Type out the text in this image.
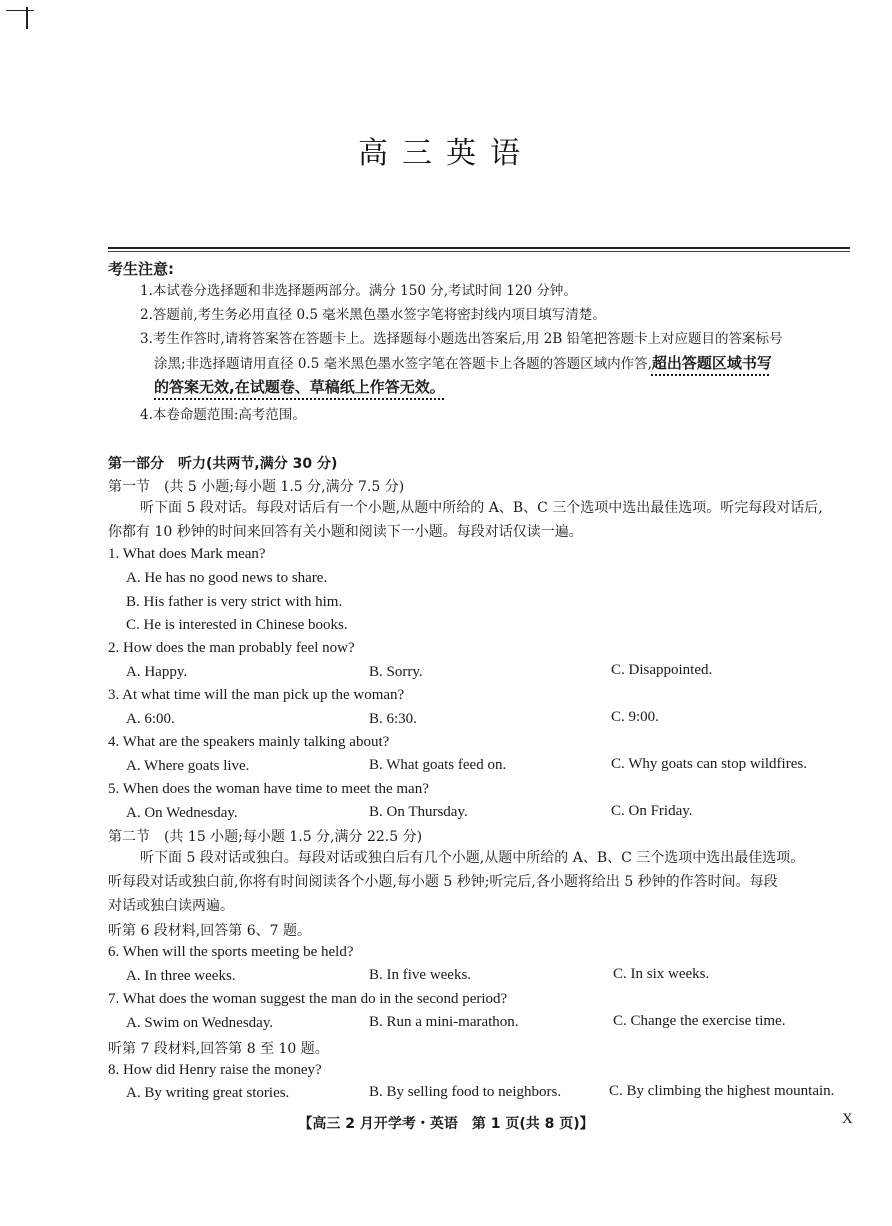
高三英语
考生注意:
1.本试卷分选择题和非选择题两部分。满分 150 分,考试时间 120 分钟。
2.答题前,考生务必用直径 0.5 毫米黑色墨水签字笔将密封线内项目填写清楚。
3.考生作答时,请将答案答在答题卡上。选择题每小题选出答案后,用 2B 铅笔把答题卡上对应题目的答案标号
涂黑;非选择题请用直径 0.5 毫米黑色墨水签字笔在答题卡上各题的答题区域内作答,超出答题区域书写
的答案无效,在试题卷、草稿纸上作答无效。
4.本卷命题范围:高考范围。
第一部分　听力(共两节,满分 30 分)
第一节　(共 5 小题;每小题 1.5 分,满分 7.5 分)
听下面 5 段对话。每段对话后有一个小题,从题中所给的 A、B、C 三个选项中选出最佳选项。听完每段对话后,
你都有 10 秒钟的时间来回答有关小题和阅读下一小题。每段对话仅读一遍。
1. What does Mark mean?
A. He has no good news to share.
B. His father is very strict with him.
C. He is interested in Chinese books.
2. How does the man probably feel now?
A. Happy.	B. Sorry.	C. Disappointed.
3. At what time will the man pick up the woman?
A. 6:00.	B. 6:30.	C. 9:00.
4. What are the speakers mainly talking about?
A. Where goats live.	B. What goats feed on.	C. Why goats can stop wildfires.
5. When does the woman have time to meet the man?
A. On Wednesday.	B. On Thursday.	C. On Friday.
第二节　(共 15 小题;每小题 1.5 分,满分 22.5 分)
听下面 5 段对话或独白。每段对话或独白后有几个小题,从题中所给的 A、B、C 三个选项中选出最佳选项。
听每段对话或独白前,你将有时间阅读各个小题,每小题 5 秒钟;听完后,各小题将给出 5 秒钟的作答时间。每段
对话或独白读两遍。
听第 6 段材料,回答第 6、7 题。
6. When will the sports meeting be held?
A. In three weeks.	B. In five weeks.	C. In six weeks.
7. What does the woman suggest the man do in the second period?
A. Swim on Wednesday.	B. Run a mini-marathon.	C. Change the exercise time.
听第 7 段材料,回答第 8 至 10 题。
8. How did Henry raise the money?
A. By writing great stories.	B. By selling food to neighbors.	C. By climbing the highest mountain.
【高三 2 月开学考・英语　第 1 页(共 8 页)】	X
